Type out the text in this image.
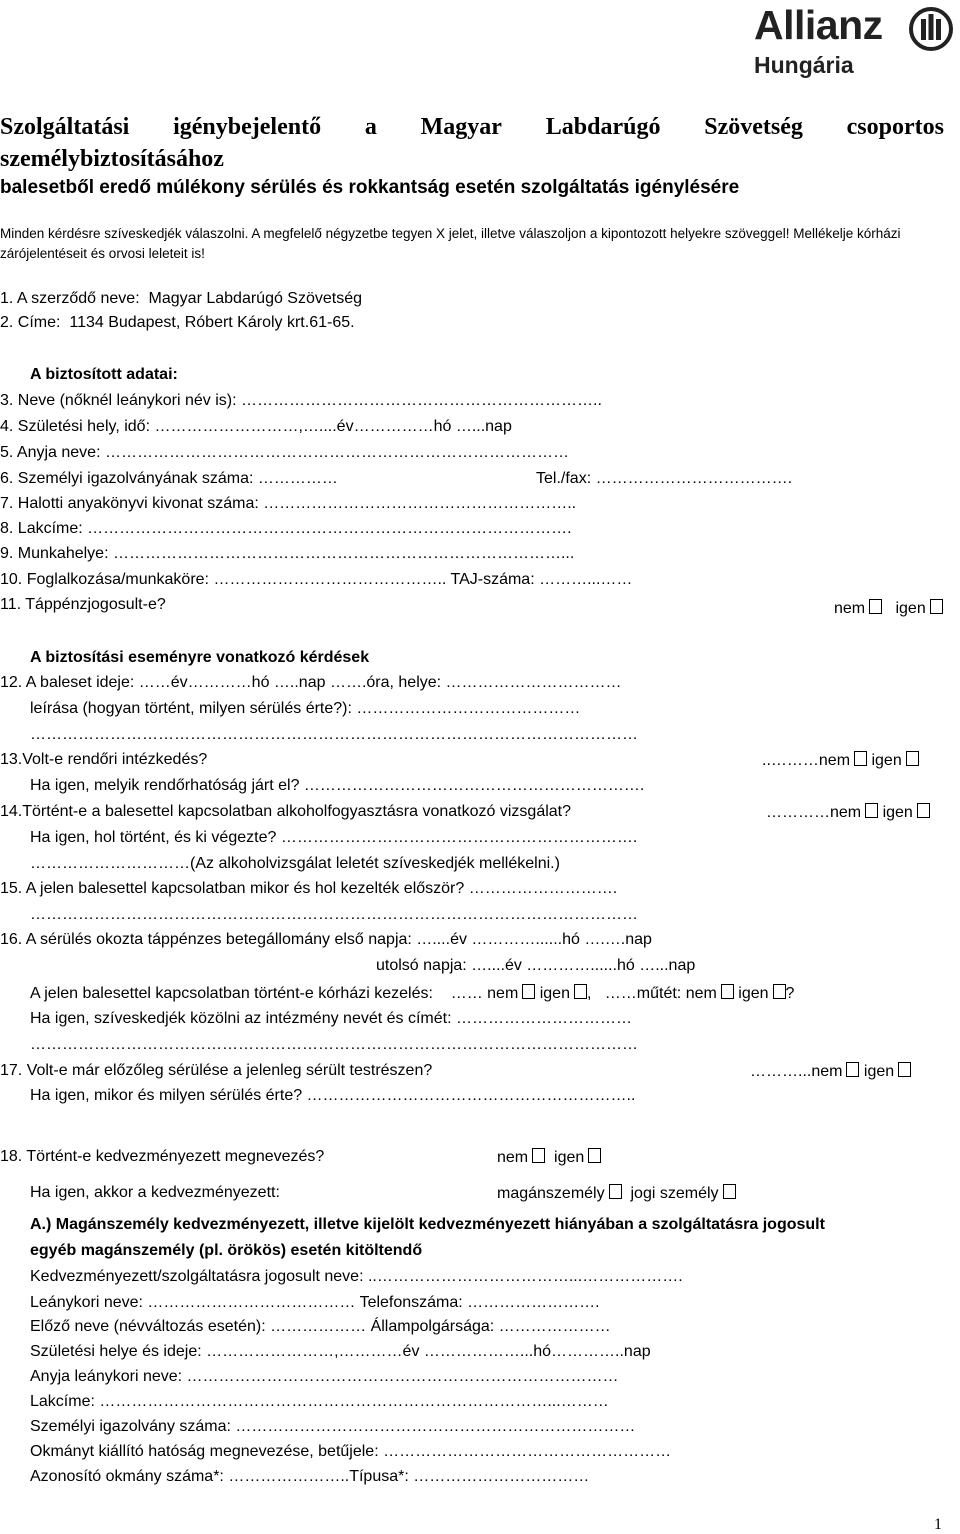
Allianz
Hungária
Szolgáltatási igénybejelentő a Magyar Labdarúgó Szövetség csoportos
személybiztosításához
balesetből eredő múlékony sérülés és rokkantság esetén szolgáltatás igénylésére
Minden kérdésre szíveskedjék válaszolni. A megfelelő négyzetbe tegyen X jelet, illetve válaszoljon a kipontozott helyekre szöveggel! Mellékelje kórházi zárójelentéseit és orvosi leleteit is!
1. A szerződő neve: Magyar Labdarúgó Szövetség
2. Címe: 1134 Budapest, Róbert Károly krt.61-65.
A biztosított adatai:
3. Neve (nőknél leánykori név is): …………………………………………………………..
4. Születési hely, idő: ………………………,…....év……………hó …...nap
5. Anyja neve: ……………………………………………………………………………
6. Személyi igazolványának száma: ……………	Tel./fax: ……………………………….
7. Halotti anyakönyvi kivonat száma: …………………………………………………..
8. Lakcíme: ……………………………………………………………………………….
9. Munkahelye: …………………………………………………………………………...
10. Foglalkozása/munkaköre: …………………………………….. TAJ-száma: ………...……
11. Táppénzjogosult-e?	nem igen
A biztosítási eseményre vonatkozó kérdések
12. A baleset ideje: ……év…………hó …..nap …….óra, helye: ……………………………
leírása (hogyan történt, milyen sérülés érte?): ……………………………………
……………………………………………………………………………………………………
13.Volt-e rendőri intézkedés?	..………nem igen
Ha igen, melyik rendőrhatóság járt el? ……………………………………………………….
14.Történt-e a balesettel kapcsolatban alkoholfogyasztásra vonatkozó vizsgálat?	…………nem igen
Ha igen, hol történt, és ki végezte? ………………………………………………………….
…………………………(Az alkoholvizsgálat leletét szíveskedjék mellékelni.)
15. A jelen balesettel kapcsolatban mikor és hol kezelték először? ……………………….
……………………………………………………………………………………………………
16. A sérülés okozta táppénzes betegállomány első napja: …....év …………......hó ….….nap
utolsó napja: …....év …………......hó …...nap
A jelen balesettel kapcsolatban történt-e kórházi kezelés: …… nem igen , ……műtét: nem igen ?
Ha igen, szíveskedjék közölni az intézmény nevét és címét: ……………………………
……………………………………………………………………………………………………
17. Volt-e már előzőleg sérülése a jelenleg sérült testrészen?	………...nem igen
Ha igen, mikor és milyen sérülés érte? ……………………………………………………..
18. Történt-e kedvezményezett megnevezés?	nem igen
Ha igen, akkor a kedvezményezett:	magánszemély jogi személy
A.) Magánszemély kedvezményezett, illetve kijelölt kedvezményezett hiányában a szolgáltatásra jogosult
egyéb magánszemély (pl. örökös) esetén kitöltendő
Kedvezményezett/szolgáltatásra jogosult neve: ..………………………………...……………….
Leánykori neve: ………………………………… Telefonszáma: …………………….
Előző neve (névváltozás esetén): ……………… Állampolgársága: …………………
Születési helye és ideje: ……………………,…………év ………………...hó…………..nap
Anyja leánykori neve: ………………………………………………………………………
Lakcíme: …………………………………………………………………………...………
Személyi igazolvány száma: …………………………………………………………………
Okmányt kiállító hatóság megnevezése, betűjele: ………………………………………………
Azonosító okmány száma*: …………………..Típusa*: ……………………………
1
